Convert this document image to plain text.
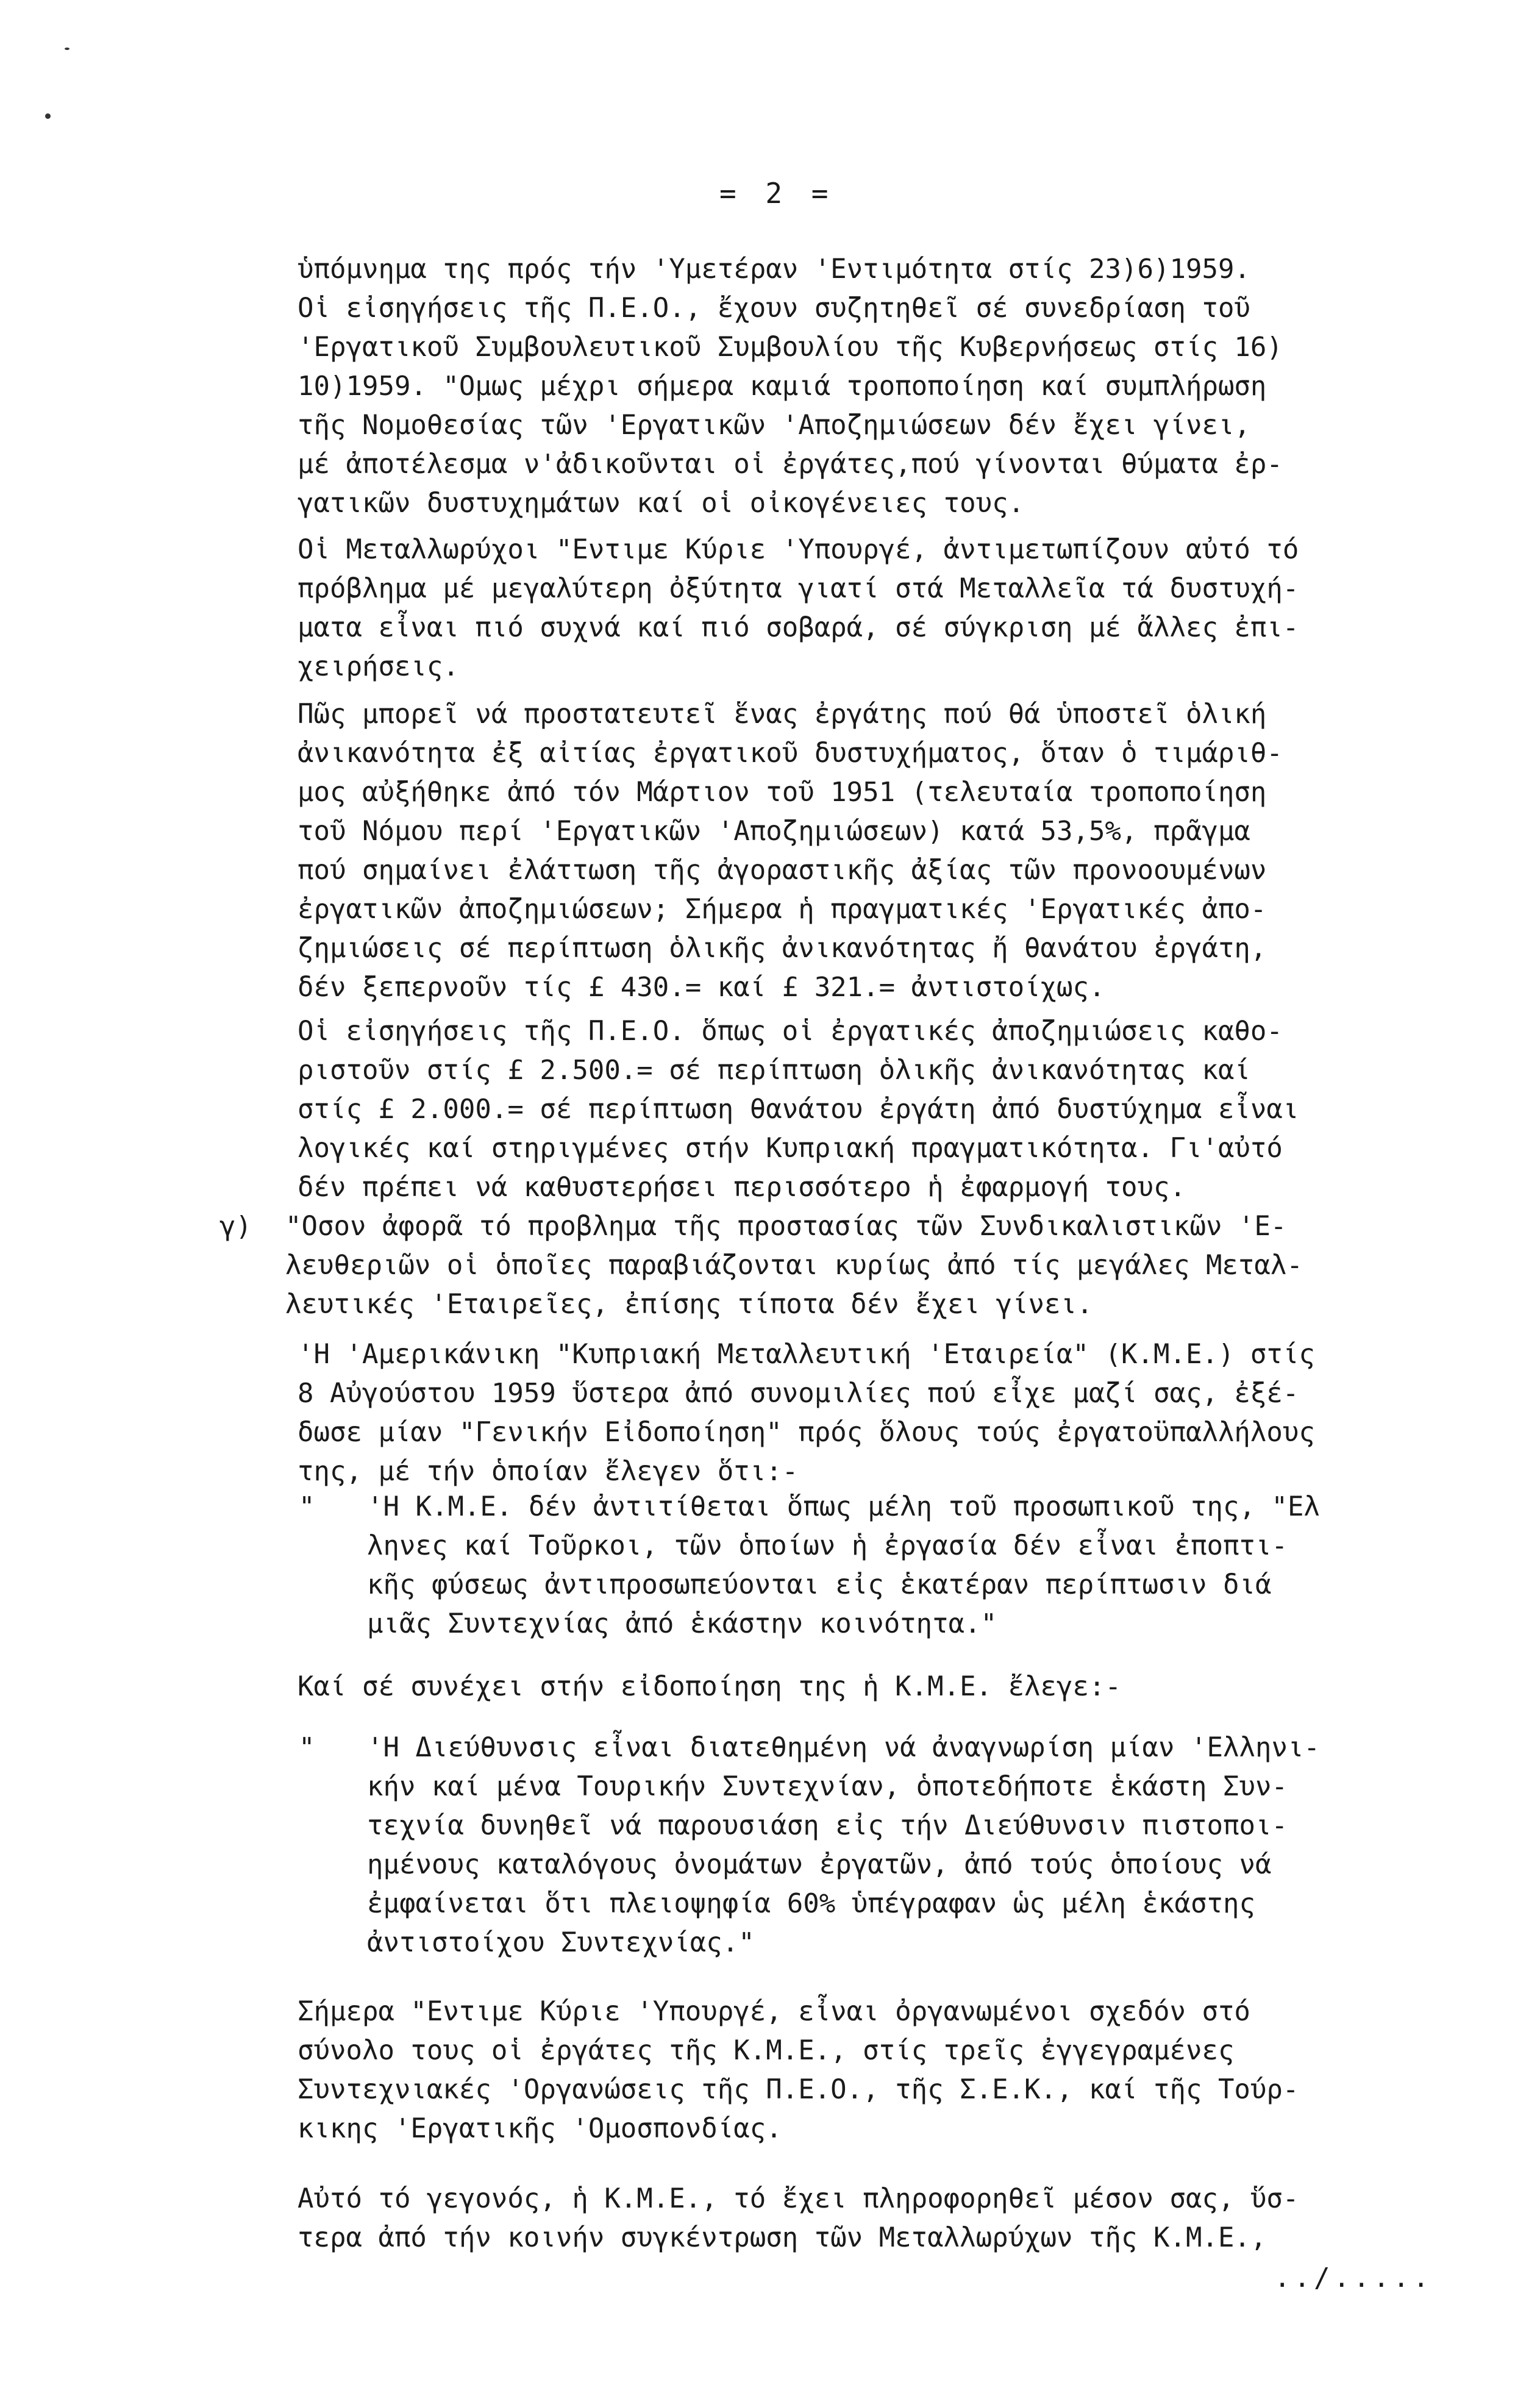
= 2 =
ὑπόμνημα της πρός τήν 'Υμετέραν 'Εντιμότητα στίς 23)6)1959.
Οἱ εἰσηγήσεις τῆς Π.Ε.Ο., ἔχουν συζητηθεῖ σέ συνεδρίαση τοῦ
'Εργατικοῦ Συμβουλευτικοῦ Συμβουλίου τῆς Κυβερνήσεως στίς 16)
10)1959. "Ομως μέχρι σήμερα καμιά τροποποίηση καί συμπλήρωση
τῆς Νομοθεσίας τῶν 'Εργατικῶν 'Αποζημιώσεων δέν ἔχει γίνει,
μέ ἀποτέλεσμα ν'ἀδικοῦνται οἱ ἐργάτες,πού γίνονται θύματα ἐρ-
γατικῶν δυστυχημάτων καί οἱ οἰκογένειες τους.
Οἱ Μεταλλωρύχοι "Εντιμε Κύριε 'Υπουργέ, ἀντιμετωπίζουν αὐτό τό
πρόβλημα μέ μεγαλύτερη ὀξύτητα γιατί στά Μεταλλεῖα τά δυστυχή-
ματα εἶναι πιό συχνά καί πιό σοβαρά, σέ σύγκριση μέ ἄλλες ἐπι-
χειρήσεις.
Πῶς μπορεῖ νά προστατευτεῖ ἕνας ἐργάτης πού θά ὑποστεῖ ὁλική
ἀνικανότητα ἐξ αἰτίας ἐργατικοῦ δυστυχήματος, ὅταν ὁ τιμάριθ-
μος αὐξήθηκε ἀπό τόν Μάρτιον τοῦ 1951 (τελευταία τροποποίηση
τοῦ Νόμου περί 'Εργατικῶν 'Αποζημιώσεων) κατά 53,5%, πρᾶγμα
πού σημαίνει ἐλάττωση τῆς ἀγοραστικῆς ἀξίας τῶν προνοουμένων
ἐργατικῶν ἀποζημιώσεων; Σήμερα ἡ πραγματικές 'Εργατικές ἀπο-
ζημιώσεις σέ περίπτωση ὁλικῆς ἀνικανότητας ἤ θανάτου ἐργάτη,
δέν ξεπερνοῦν τίς £ 430.= καί £ 321.= ἀντιστοίχως.
Οἱ εἰσηγήσεις τῆς Π.Ε.Ο. ὅπως οἱ ἐργατικές ἀποζημιώσεις καθο-
ριστοῦν στίς £ 2.500.= σέ περίπτωση ὁλικῆς ἀνικανότητας καί
στίς £ 2.000.= σέ περίπτωση θανάτου ἐργάτη ἀπό δυστύχημα εἶναι
λογικές καί στηριγμένες στήν Κυπριακή πραγματικότητα. Γι'αὐτό
δέν πρέπει νά καθυστερήσει περισσότερο ἡ ἐφαρμογή τους.
γ) "Οσον ἀφορᾶ τό προβλημα τῆς προστασίας τῶν Συνδικαλιστικῶν 'Ε-
λευθεριῶν οἱ ὁποῖες παραβιάζονται κυρίως ἀπό τίς μεγάλες Μεταλ-
λευτικές 'Εταιρεῖες, ἐπίσης τίποτα δέν ἔχει γίνει.
'Η 'Αμερικάνικη "Κυπριακή Μεταλλευτική 'Εταιρεία" (Κ.Μ.Ε.) στίς
8 Αὐγούστου 1959 ὕστερα ἀπό συνομιλίες πού εἶχε μαζί σας, ἐξέ-
δωσε μίαν "Γενικήν Εἰδοποίηση" πρός ὅλους τούς ἐργατοϋπαλλήλους
της, μέ τήν ὁποίαν ἔλεγεν ὅτι:-
" 'Η Κ.Μ.Ε. δέν ἀντιτίθεται ὅπως μέλη τοῦ προσωπικοῦ της, "Ελ
ληνες καί Τοῦρκοι, τῶν ὁποίων ἡ ἐργασία δέν εἶναι ἐποπτι-
κῆς φύσεως ἀντιπροσωπεύονται εἰς ἑκατέραν περίπτωσιν διά
μιᾶς Συντεχνίας ἀπό ἑκάστην κοινότητα."
Καί σέ συνέχει στήν εἰδοποίηση της ἡ Κ.Μ.Ε. ἔλεγε:-
" 'Η Διεύθυνσις εἶναι διατεθημένη νά ἀναγνωρίση μίαν 'Ελληνι-
κήν καί μένα Τουρικήν Συντεχνίαν, ὁποτεδήποτε ἑκάστη Συν-
τεχνία δυνηθεῖ νά παρουσιάση εἰς τήν Διεύθυνσιν πιστοποι-
ημένους καταλόγους ὀνομάτων ἐργατῶν, ἀπό τούς ὁποίους νά
ἐμφαίνεται ὅτι πλειοψηφία 60% ὑπέγραφαν ὡς μέλη ἑκάστης
ἀντιστοίχου Συντεχνίας."
Σήμερα "Εντιμε Κύριε 'Υπουργέ, εἶναι ὀργανωμένοι σχεδόν στό
σύνολο τους οἱ ἐργάτες τῆς Κ.Μ.Ε., στίς τρεῖς ἐγγεγραμένες
Συντεχνιακές 'Οργανώσεις τῆς Π.Ε.Ο., τῆς Σ.Ε.Κ., καί τῆς Τούρ-
κικης 'Εργατικῆς 'Ομοσπονδίας.
Αὐτό τό γεγονός, ἡ Κ.Μ.Ε., τό ἔχει πληροφορηθεῖ μέσον σας, ὕσ-
τερα ἀπό τήν κοινήν συγκέντρωση τῶν Μεταλλωρύχων τῆς Κ.Μ.Ε.,
../.....
